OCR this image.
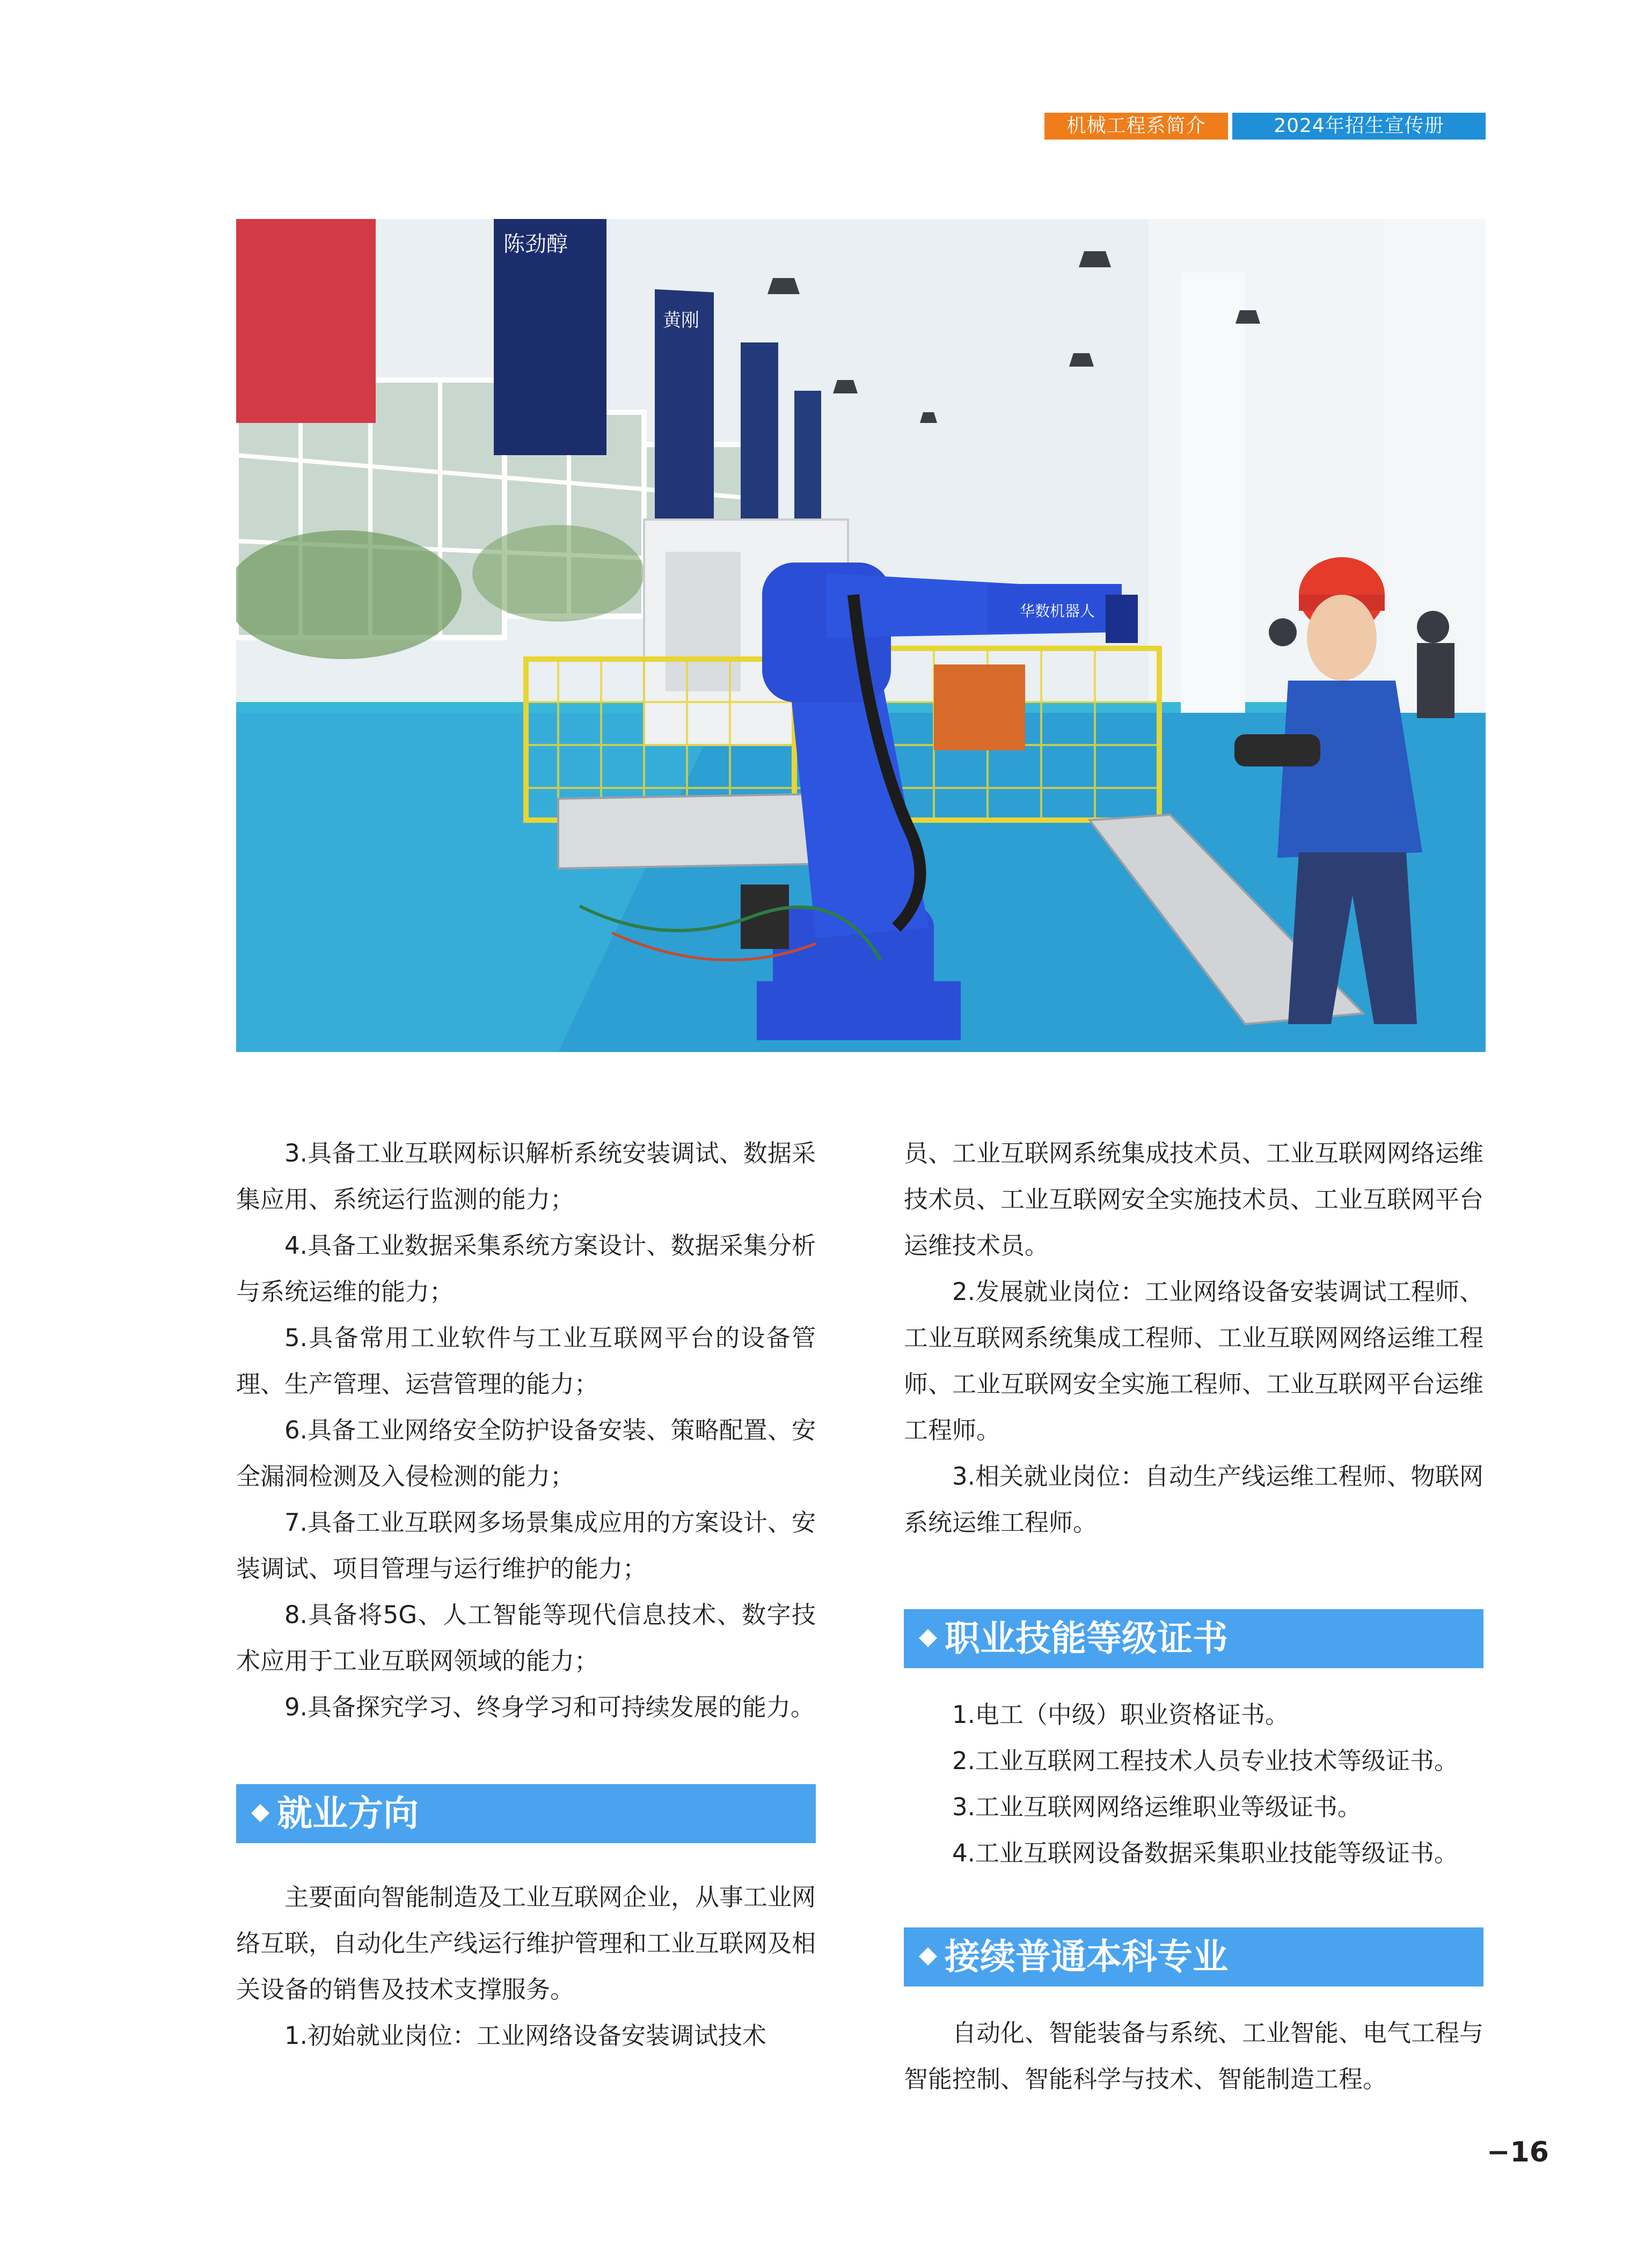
机械工程系简介	2024年招生宣传册
陈劲醇
黄刚
华数机器人

3.具备工业互联网标识解析系统安装调试、数据采集应用、系统运行监测的能力；

4.具备工业数据采集系统方案设计、数据采集分析与系统运维的能力；

5.具备常用工业软件与工业互联网平台的设备管理、生产管理、运营管理的能力；

6.具备工业网络安全防护设备安装、策略配置、安全漏洞检测及入侵检测的能力；

7.具备工业互联网多场景集成应用的方案设计、安装调试、项目管理与运行维护的能力；

8.具备将5G、人工智能等现代信息技术、数字技术应用于工业互联网领域的能力；

9.具备探究学习、终身学习和可持续发展的能力。

就业方向

主要面向智能制造及工业互联网企业，从事工业网络互联，自动化生产线运行维护管理和工业互联网及相关设备的销售及技术支撑服务。

1.初始就业岗位：工业网络设备安装调试技术

员、工业互联网系统集成技术员、工业互联网网络运维技术员、工业互联网安全实施技术员、工业互联网平台运维技术员。

2.发展就业岗位：工业网络设备安装调试工程师、工业互联网系统集成工程师、工业互联网网络运维工程师、工业互联网安全实施工程师、工业互联网平台运维工程师。

3.相关就业岗位：自动生产线运维工程师、物联网系统运维工程师。

职业技能等级证书

1.电工（中级）职业资格证书。

2.工业互联网工程技术人员专业技术等级证书。

3.工业互联网网络运维职业等级证书。

4.工业互联网设备数据采集职业技能等级证书。

接续普通本科专业

自动化、智能装备与系统、工业智能、电气工程与智能控制、智能科学与技术、智能制造工程。

−16
